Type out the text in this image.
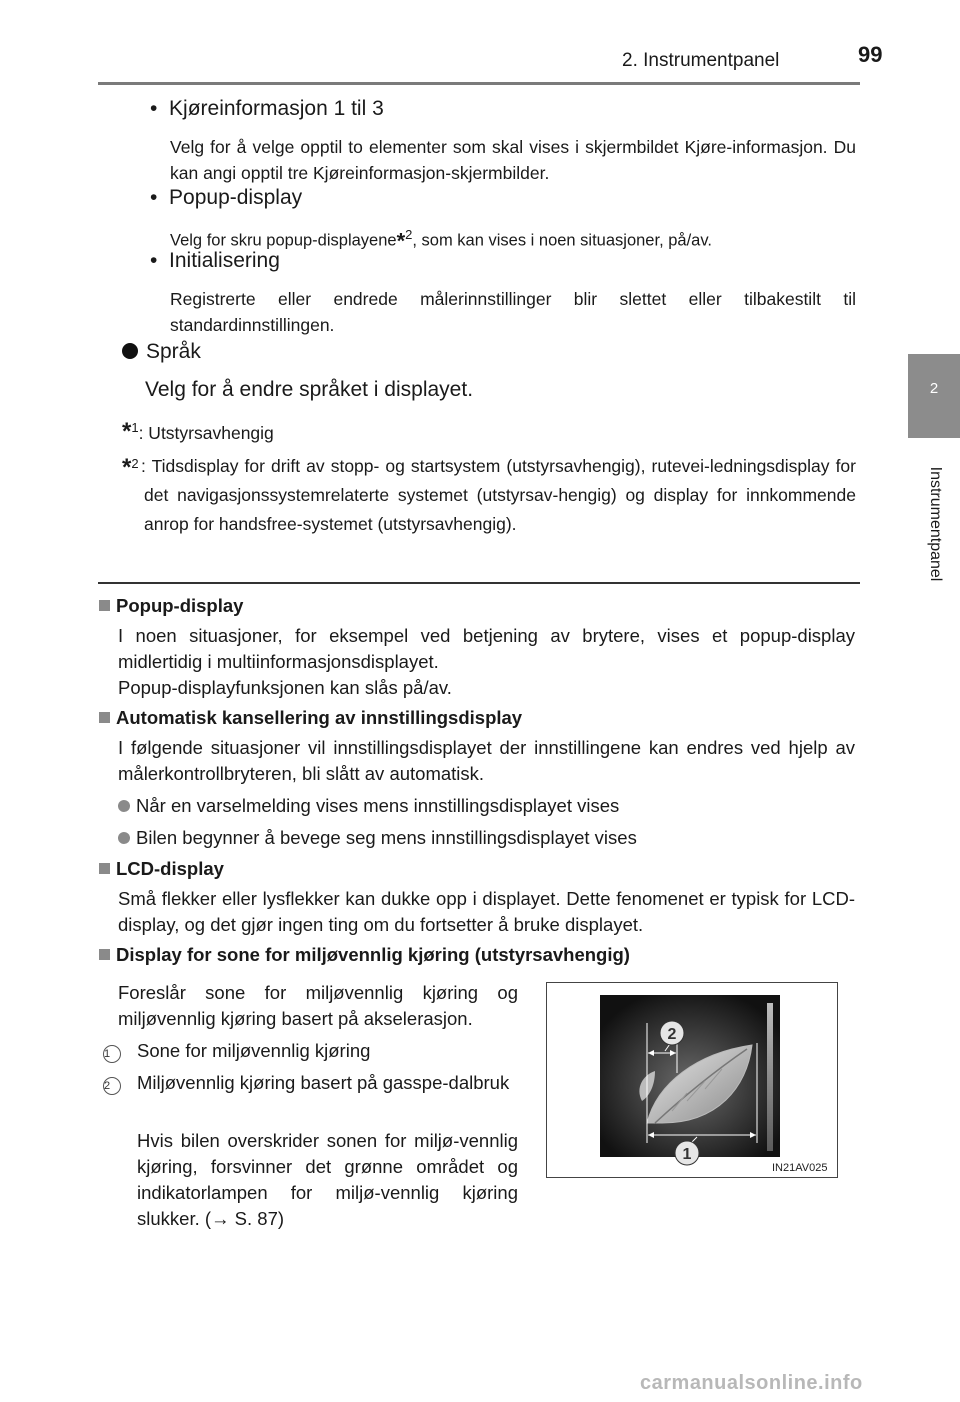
2. Instrumentpanel	99
2
Instrumentpanel
•  Kjøreinformasjon 1 til 3
Velg for å velge opptil to elementer som skal vises i skjermbildet Kjøre-informasjon. Du kan angi opptil tre Kjøreinformasjon-skjermbilder.
•  Popup-display
Velg for skru popup-displayene*$^2$, som kan vises i noen situasjoner, på/av.
•  Initialisering
Registrerte eller endrede målerinnstillinger blir slettet eller tilbakestilt til standardinnstillingen.
Språk
Velg for å endre språket i displayet.
*$^1$: Utstyrsavhengig
*$^2$ : Tidsdisplay for drift av stopp- og startsystem (utstyrsavhengig), rutevei-ledningsdisplay for det navigasjonssystemrelaterte systemet (utstyrsav-hengig) og display for innkommende anrop for handsfree-systemet (utstyrsavhengig).
Popup-display
I noen situasjoner, for eksempel ved betjening av brytere, vises et popup-display midlertidig i multiinformasjonsdisplayet.
Popup-displayfunksjonen kan slås på/av.
Automatisk kansellering av innstillingsdisplay
I følgende situasjoner vil innstillingsdisplayet der innstillingene kan endres ved hjelp av målerkontrollbryteren, bli slått av automatisk.
Når en varselmelding vises mens innstillingsdisplayet vises
Bilen begynner å bevege seg mens innstillingsdisplayet vises
LCD-display
Små flekker eller lysflekker kan dukke opp i displayet. Dette fenomenet er typisk for LCD-display, og det gjør ingen ting om du fortsetter å bruke displayet.
Display for sone for miljøvennlig kjøring (utstyrsavhengig)
Foreslår sone for miljøvennlig kjøring og miljøvennlig kjøring basert på akselerasjon.
1 Sone for miljøvennlig kjøring
2 Miljøvennlig kjøring basert på gasspe-dalbruk
Hvis bilen overskrider sonen for miljø-vennlig kjøring, forsvinner det grønne området og indikatorlampen for miljø-vennlig kjøring slukker. (→ S. 87)
2
1
IN21AV025
carmanualsonline.info
